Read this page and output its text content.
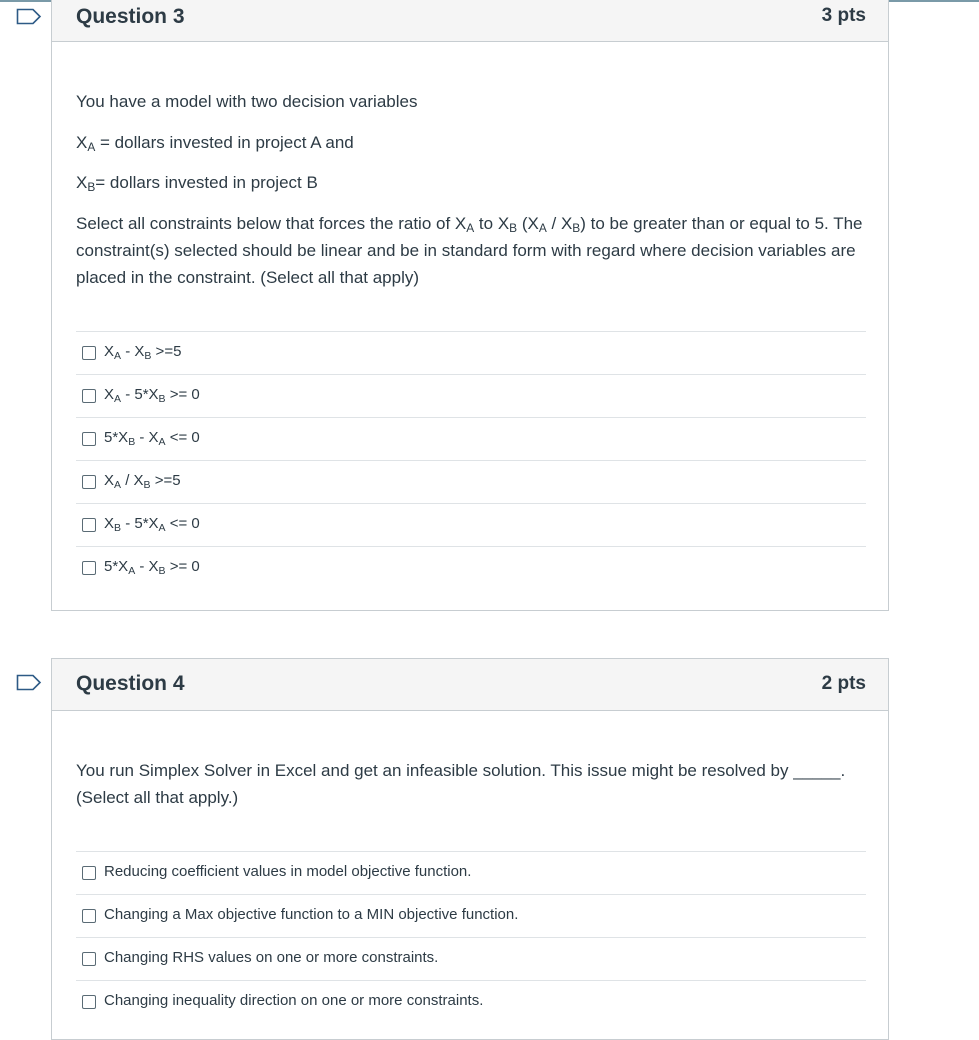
Question 3	3 pts

You have a model with two decision variables

$X_A$ = dollars invested in project A and

$X_B=$ dollars invested in project B

Select all constraints below that forces the ratio of $X_A$ to $X_B$ $(X_A / X_B)$ to be greater than or equal to 5. The constraint(s) selected should be linear and be in standard form with regard where decision variables are placed in the constraint. (Select all that apply)

$X_A - X_B >=5$
$X_A - 5*X_B >= 0$
$5*X_B - X_A <= 0$
$X_A / X_B >=5$
$X_B - 5*X_A <= 0$
$5*X_A - X_B >= 0$
Question 4	2 pts

You run Simplex Solver in Excel and get an infeasible solution. This issue might be resolved by _____. (Select all that apply.)

Reducing coefficient values in model objective function.
Changing a Max objective function to a MIN objective function.
Changing RHS values on one or more constraints.
Changing inequality direction on one or more constraints.
